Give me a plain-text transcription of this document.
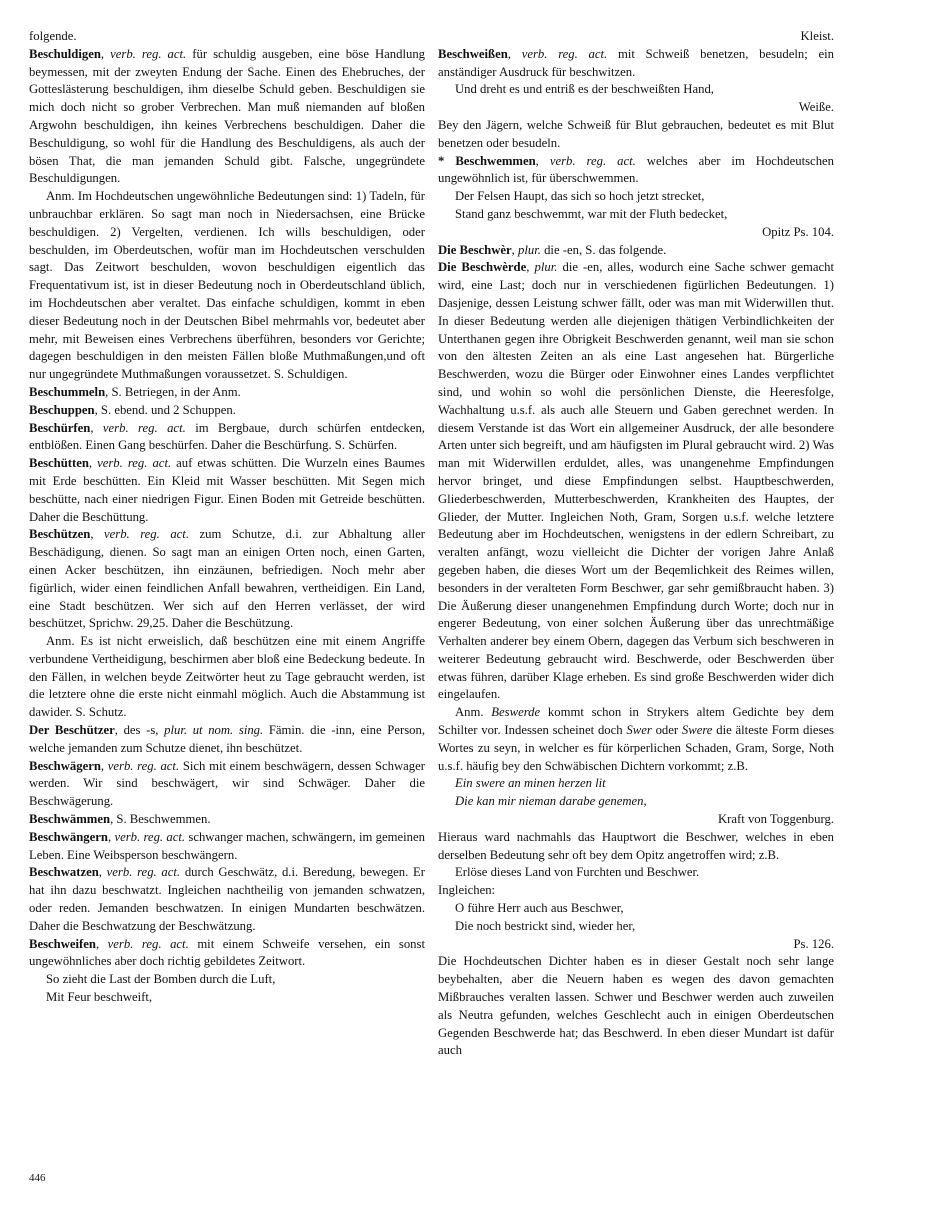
folgende.

Beschuldigen, verb. reg. act. für schuldig ausgeben, eine böse Handlung beymessen, mit der zweyten Endung der Sache. Einen des Ehebruches, der Gotteslästerung beschuldigen, ihm dieselbe Schuld geben. Beschuldigen sie mich doch nicht so grober Verbrechen. Man muß niemanden auf bloßen Argwohn beschuldigen, ihn keines Verbrechens beschuldigen. Daher die Beschuldigung, so wohl für die Handlung des Beschuldigens, als auch der bösen That, die man jemanden Schuld gibt. Falsche, ungegründete Beschuldigungen.

Anm. Im Hochdeutschen ungewöhnliche Bedeutungen sind: 1) Tadeln, für unbrauchbar erklären. So sagt man noch in Niedersachsen, eine Brücke beschuldigen. 2) Vergelten, verdienen. Ich wills beschuldigen, oder beschulden, im Oberdeutschen, wofür man im Hochdeutschen verschulden sagt. Das Zeitwort beschulden, wovon beschuldigen eigentlich das Frequentativum ist, ist in dieser Bedeutung noch in Oberdeutschland üblich, im Hochdeutschen aber veraltet. Das einfache schuldigen, kommt in eben dieser Bedeutung noch in der Deutschen Bibel mehrmahls vor, bedeutet aber mehr, mit Beweisen eines Verbrechens überführen, besonders vor Gerichte; dagegen beschuldigen in den meisten Fällen bloße Muthmaßungen,und oft nur ungegründete Muthmaßungen voraussetzet. S. Schuldigen.

Beschummeln, S. Betriegen, in der Anm.

Beschuppen, S. ebend. und 2 Schuppen.

Beschürfen, verb. reg. act. im Bergbaue, durch schürfen entdecken, entblößen. Einen Gang beschürfen. Daher die Beschürfung. S. Schürfen.

Beschütten, verb. reg. act. auf etwas schütten. Die Wurzeln eines Baumes mit Erde beschütten. Ein Kleid mit Wasser beschütten. Mit Segen mich beschütte, nach einer niedrigen Figur. Einen Boden mit Getreide beschütten. Daher die Beschüttung.

Beschützen, verb. reg. act. zum Schutze, d.i. zur Abhaltung aller Beschädigung, dienen. So sagt man an einigen Orten noch, einen Garten, einen Acker beschützen, ihn einzäunen, befriedigen. Noch mehr aber figürlich, wider einen feindlichen Anfall bewahren, vertheidigen. Ein Land, eine Stadt beschützen. Wer sich auf den Herren verlässet, der wird beschützet, Sprichw. 29,25. Daher die Beschützung.

Anm. Es ist nicht erweislich, daß beschützen eine mit einem Angriffe verbundene Vertheidigung, beschirmen aber bloß eine Bedeckung bedeute. In den Fällen, in welchen beyde Zeitwörter heut zu Tage gebraucht werden, ist die letztere ohne die erste nicht einmahl möglich. Auch die Abstammung ist dawider. S. Schutz.

Der Beschützer, des -s, plur. ut nom. sing. Fämin. die -inn, eine Person, welche jemanden zum Schutze dienet, ihn beschützet.

Beschwägern, verb. reg. act. Sich mit einem beschwägern, dessen Schwager werden. Wir sind beschwägert, wir sind Schwäger. Daher die Beschwägerung.

Beschwämmen, S. Beschwemmen.

Beschwängern, verb. reg. act. schwanger machen, schwängern, im gemeinen Leben. Eine Weibsperson beschwängern.

Beschwatzen, verb. reg. act. durch Geschwätz, d.i. Beredung, bewegen. Er hat ihn dazu beschwatzt. Ingleichen nachtheilig von jemanden schwatzen, oder reden. Jemanden beschwatzen. In einigen Mundarten beschwätzen. Daher die Beschwatzung der Beschwätzung.

Beschweifen, verb. reg. act. mit einem Schweife versehen, ein sonst ungewöhnliches aber doch richtig gebildetes Zeitwort.

So zieht die Last der Bomben durch die Luft,

Mit Feur beschweift,

Kleist.

Beschweißen, verb. reg. act. mit Schweiß benetzen, besudeln; ein anständiger Ausdruck für beschwitzen.

Und dreht es und entriß es der beschweißten Hand,

Weiße.

Bey den Jägern, welche Schweiß für Blut gebrauchen, bedeutet es mit Blut benetzen oder besudeln.

* Beschwemmen, verb. reg. act. welches aber im Hochdeutschen ungewöhnlich ist, für überschwemmen.

Der Felsen Haupt, das sich so hoch jetzt strecket,

Stand ganz beschwemmt, war mit der Fluth bedecket,

Opitz Ps. 104.

Die Beschwèr, plur. die -en, S. das folgende.

Die Beschwèrde, plur. die -en, alles, wodurch eine Sache schwer gemacht wird, eine Last; doch nur in verschiedenen figürlichen Bedeutungen. 1) Dasjenige, dessen Leistung schwer fällt, oder was man mit Widerwillen thut. In dieser Bedeutung werden alle diejenigen thätigen Verbindlichkeiten der Unterthanen gegen ihre Obrigkeit Beschwerden genannt, weil man sie schon von den ältesten Zeiten an als eine Last angesehen hat. Bürgerliche Beschwerden, wozu die Bürger oder Einwohner eines Landes verpflichtet sind, und wohin so wohl die persönlichen Dienste, die Heeresfolge, Wachhaltung u.s.f. als auch alle Steuern und Gaben gerechnet werden. In diesem Verstande ist das Wort ein allgemeiner Ausdruck, der alle besondere Arten unter sich begreift, und am häufigsten im Plural gebraucht wird. 2) Was man mit Widerwillen erduldet, alles, was unangenehme Empfindungen hervor bringet, und diese Empfindungen selbst. Hauptbeschwerden, Gliederbeschwerden, Mutterbeschwerden, Krankheiten des Hauptes, der Glieder, der Mutter. Ingleichen Noth, Gram, Sorgen u.s.f. welche letztere Bedeutung aber im Hochdeutschen, wenigstens in der edlern Schreibart, zu veralten anfängt, wozu vielleicht die Dichter der vorigen Jahre Anlaß gegeben haben, die dieses Wort um der Beqemlichkeit des Reimes willen, besonders in der veralteten Form Beschwer, gar sehr gemißbraucht haben. 3) Die Äußerung dieser unangenehmen Empfindung durch Worte; doch nur in engerer Bedeutung, von einer solchen Äußerung über das unrechtmäßige Verhalten anderer bey einem Obern, dagegen das Verbum sich beschweren in weiterer Bedeutung gebraucht wird. Beschwerde, oder Beschwerden über etwas führen, darüber Klage erheben. Es sind große Beschwerden wider dich eingelaufen.

Anm. Beswerde kommt schon in Strykers altem Gedichte bey dem Schilter vor. Indessen scheinet doch Swer oder Swere die älteste Form dieses Wortes zu seyn, in welcher es für körperlichen Schaden, Gram, Sorge, Noth u.s.f. häufig bey den Schwäbischen Dichtern vorkommt; z.B.

Ein swere an minen herzen lit

Die kan mir nieman darabe genemen,

Kraft von Toggenburg.

Hieraus ward nachmahls das Hauptwort die Beschwer, welches in eben derselben Bedeutung sehr oft bey dem Opitz angetroffen wird; z.B.

Erlöse dieses Land von Furchten und Beschwer.

Ingleichen:

O führe Herr auch aus Beschwer,

Die noch bestrickt sind, wieder her,

Ps. 126.

Die Hochdeutschen Dichter haben es in dieser Gestalt noch sehr lange beybehalten, aber die Neuern haben es wegen des davon gemachten Mißbrauches veralten lassen. Schwer und Beschwer werden auch zuweilen als Neutra gefunden, welches Geschlecht auch in einigen Oberdeutschen Gegenden Beschwerde hat; das Beschwerd. In eben dieser Mundart ist dafür auch

446
